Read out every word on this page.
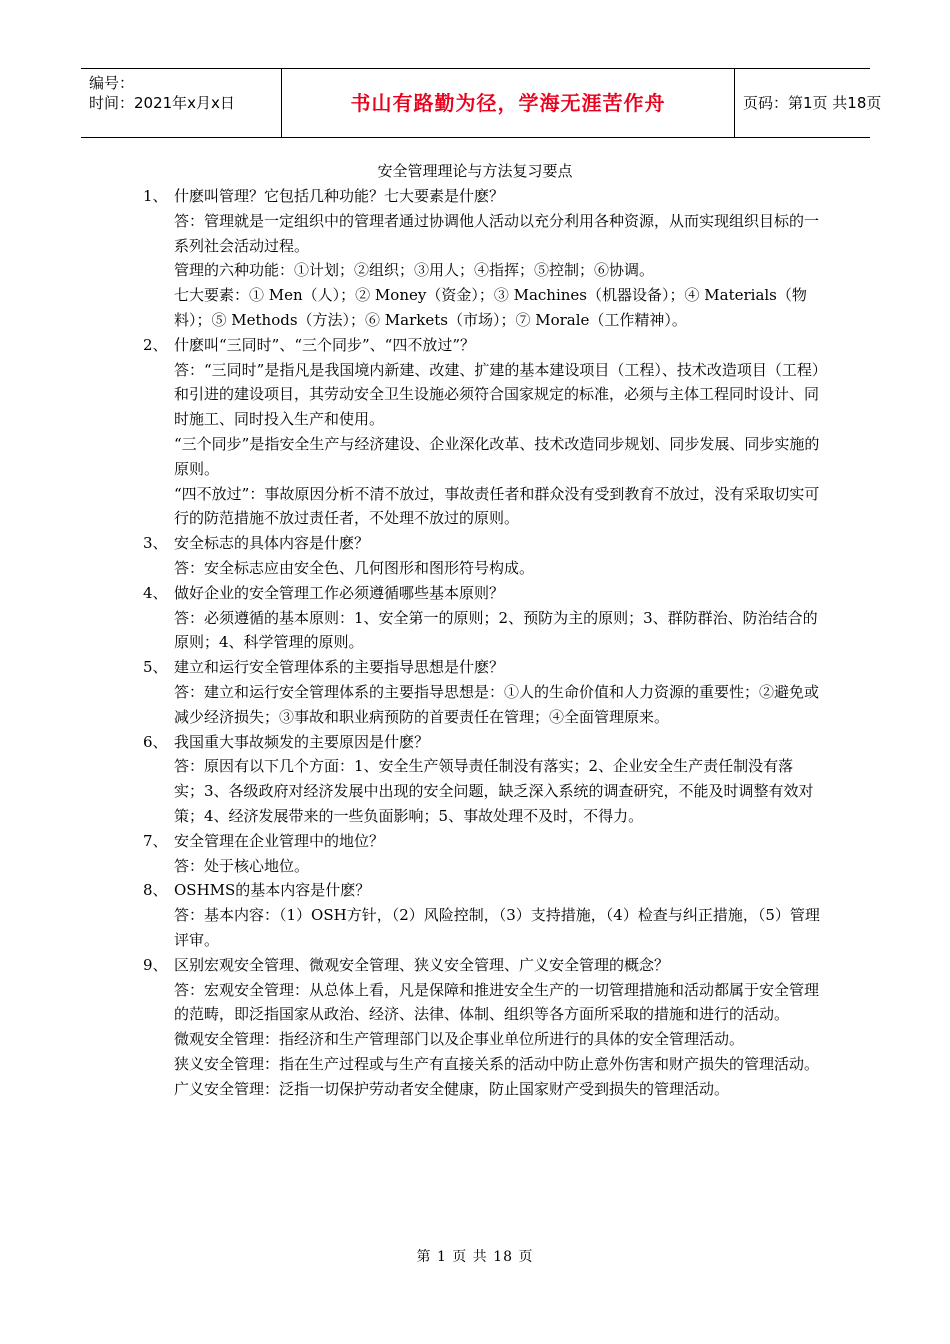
编号：
时间：2021年x月x日	书山有路勤为径，学海无涯苦作舟	页码：第1页 共18页
安全管理理论与方法复习要点
1、 什麽叫管理？它包括几种功能？七大要素是什麽？
答：管理就是一定组织中的管理者通过协调他人活动以充分利用各种资源，从而实现组织目标的一系列社会活动过程。
管理的六种功能：①计划；②组织；③用人；④指挥；⑤控制；⑥协调。
七大要素：① Men（人）；② Money（资金）；③ Machines（机器设备）；④ Materials（物料）；⑤ Methods（方法）；⑥ Markets（市场）；⑦ Morale（工作精神）。
2、 什麽叫“三同时”、“三个同步”、“四不放过”？
答：“三同时”是指凡是我国境内新建、改建、扩建的基本建设项目（工程）、技术改造项目（工程）和引进的建设项目，其劳动安全卫生设施必须符合国家规定的标准，必须与主体工程同时设计、同时施工、同时投入生产和使用。
“三个同步”是指安全生产与经济建设、企业深化改革、技术改造同步规划、同步发展、同步实施的原则。
“四不放过”：事故原因分析不清不放过，事故责任者和群众没有受到教育不放过，没有采取切实可行的防范措施不放过责任者，不处理不放过的原则。
3、 安全标志的具体内容是什麽？
答：安全标志应由安全色、几何图形和图形符号构成。
4、 做好企业的安全管理工作必须遵循哪些基本原则？
答：必须遵循的基本原则：1、安全第一的原则；2、预防为主的原则；3、群防群治、防治结合的原则；4、科学管理的原则。
5、 建立和运行安全管理体系的主要指导思想是什麽？
答：建立和运行安全管理体系的主要指导思想是：①人的生命价值和人力资源的重要性；②避免或减少经济损失；③事故和职业病预防的首要责任在管理；④全面管理原来。
6、 我国重大事故频发的主要原因是什麽？
答：原因有以下几个方面：1、安全生产领导责任制没有落实；2、企业安全生产责任制没有落实；3、各级政府对经济发展中出现的安全问题，缺乏深入系统的调查研究，不能及时调整有效对策；4、经济发展带来的一些负面影响；5、事故处理不及时，不得力。
7、 安全管理在企业管理中的地位？
答：处于核心地位。
8、 OSHMS的基本内容是什麽？
答：基本内容：（1）OSH方针，（2）风险控制，（3）支持措施，（4）检查与纠正措施，（5）管理评审。
9、 区别宏观安全管理、微观安全管理、狭义安全管理、广义安全管理的概念？
答：宏观安全管理：从总体上看，凡是保障和推进安全生产的一切管理措施和活动都属于安全管理的范畴，即泛指国家从政治、经济、法律、体制、组织等各方面所采取的措施和进行的活动。
微观安全管理：指经济和生产管理部门以及企事业单位所进行的具体的安全管理活动。
狭义安全管理：指在生产过程或与生产有直接关系的活动中防止意外伤害和财产损失的管理活动。
广义安全管理：泛指一切保护劳动者安全健康，防止国家财产受到损失的管理活动。
第 1 页 共 18 页
